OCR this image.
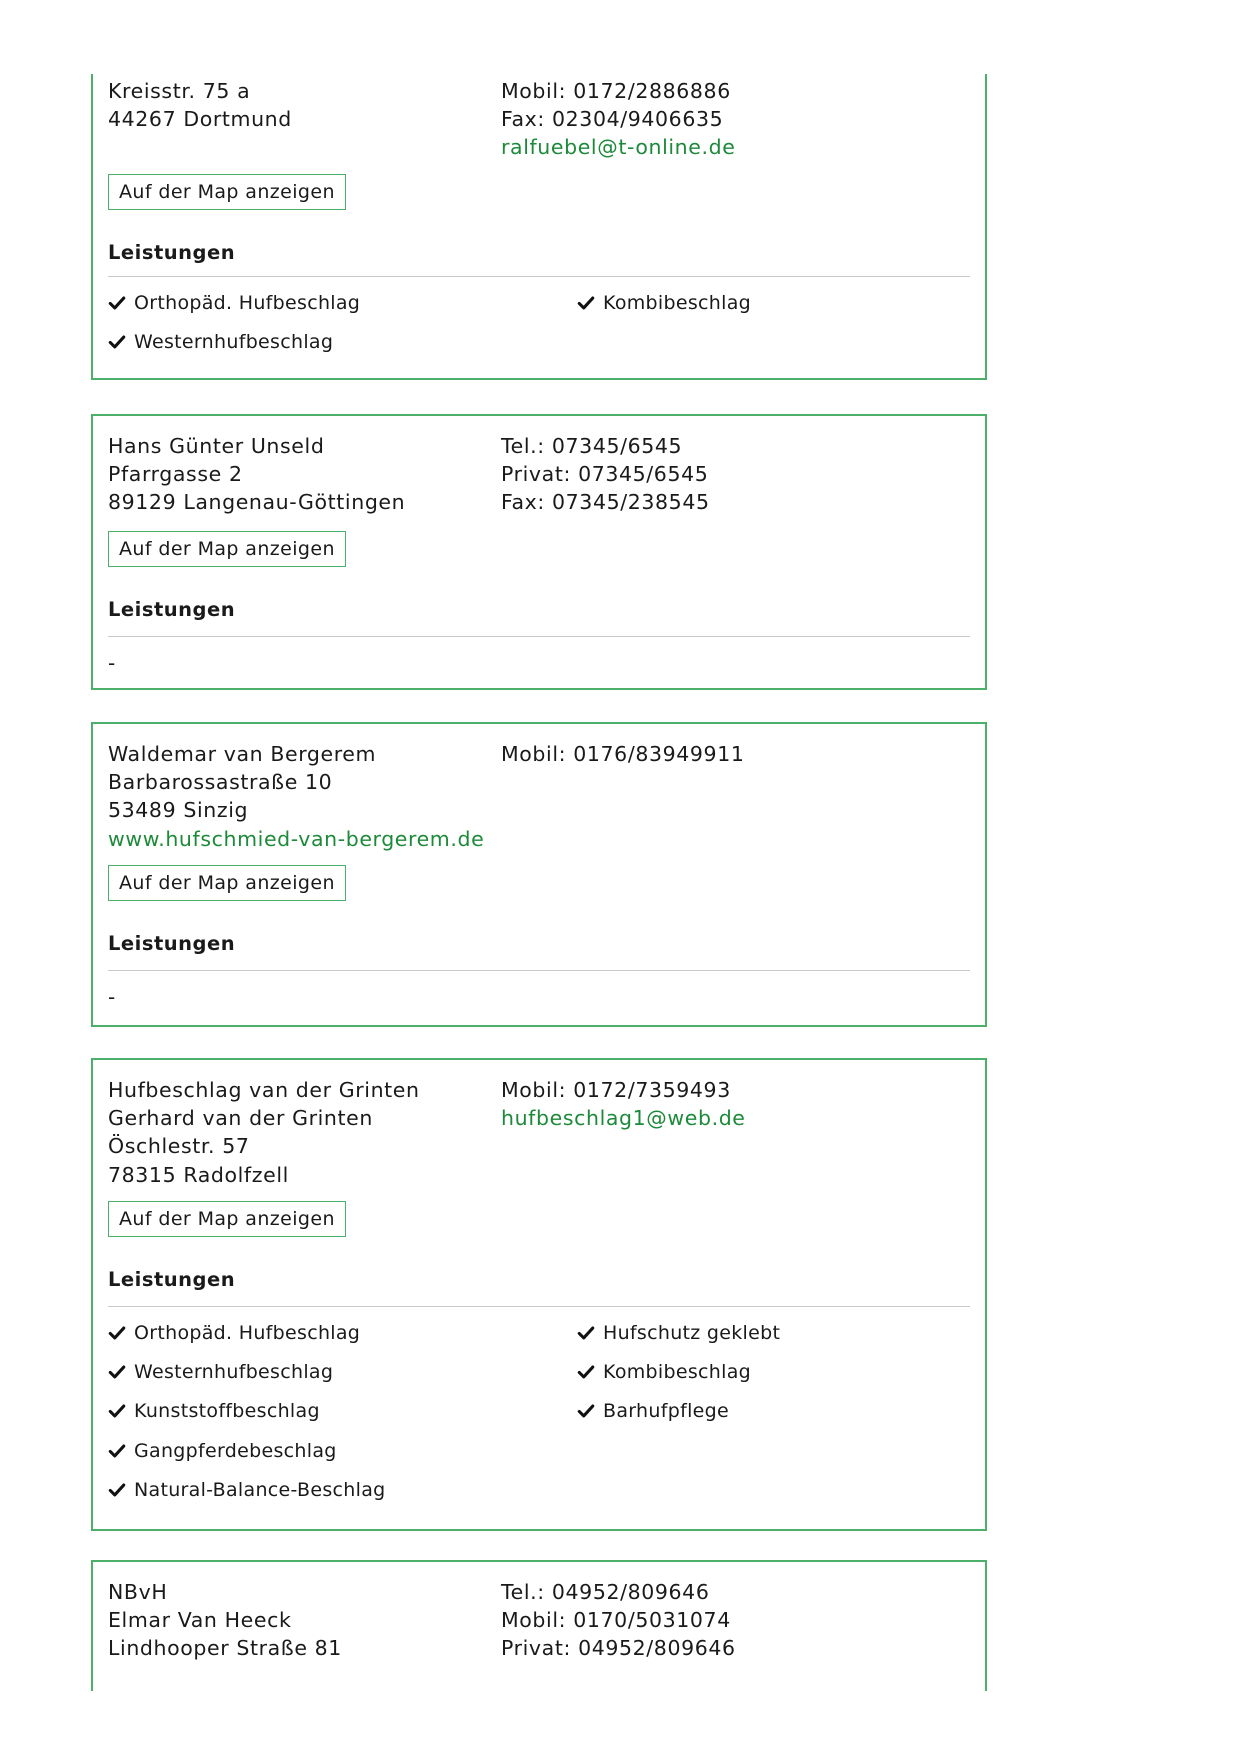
Kreisstr. 75 a
44267 Dortmund
Mobil: 0172/2886886
Fax: 02304/9406635
ralfuebel@t-online.de
Auf der Map anzeigen
Leistungen
Orthopäd. Hufbeschlag	Kombibeschlag
Westernhufbeschlag
Hans Günter Unseld
Pfarrgasse 2
89129 Langenau-Göttingen
Tel.: 07345/6545
Privat: 07345/6545
Fax: 07345/238545
Auf der Map anzeigen
Leistungen
-
Waldemar van Bergerem
Barbarossastraße 10
53489 Sinzig
www.hufschmied-van-bergerem.de
Mobil: 0176/83949911
Auf der Map anzeigen
Leistungen
-
Hufbeschlag van der Grinten
Gerhard van der Grinten
Öschlestr. 57
78315 Radolfzell
Mobil: 0172/7359493
hufbeschlag1@web.de
Auf der Map anzeigen
Leistungen
Orthopäd. Hufbeschlag
Westernhufbeschlag
Kunststoffbeschlag
Gangpferdebeschlag
Natural-Balance-Beschlag
Hufschutz geklebt
Kombibeschlag
Barhufpflege
NBvH
Elmar Van Heeck
Lindhooper Straße 81
Tel.: 04952/809646
Mobil: 0170/5031074
Privat: 04952/809646
